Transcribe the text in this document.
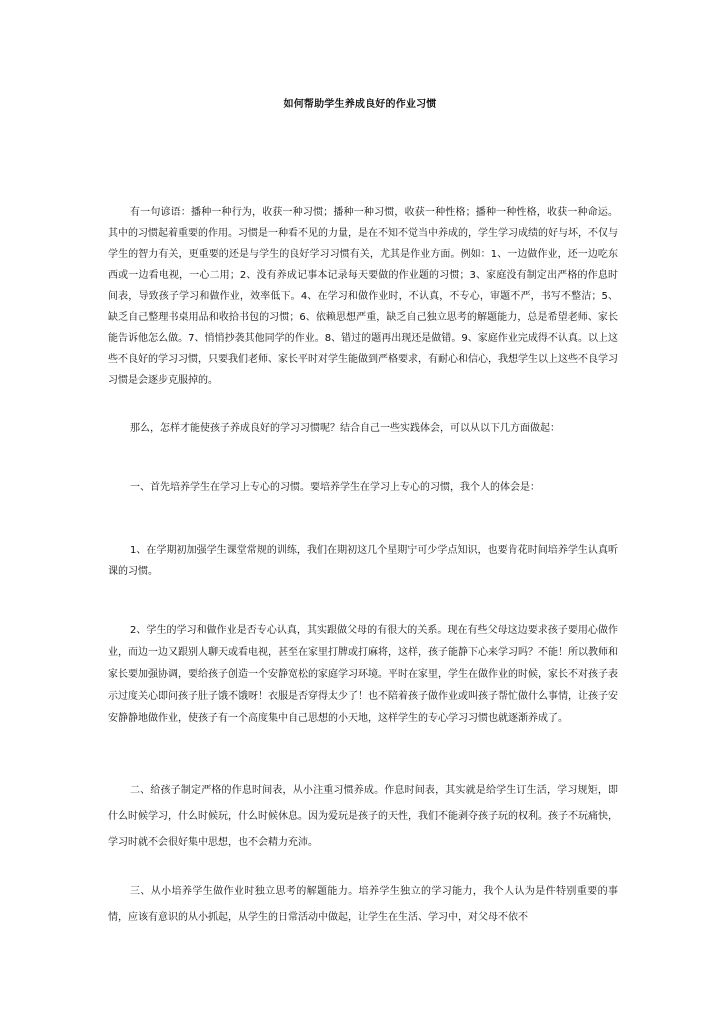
如何帮助学生养成良好的作业习惯

有一句谚语：播种一种行为，收获一种习惯；播种一种习惯，收获一种性格；播种一种性格，收获一种命运。其中的习惯起着重要的作用。习惯是一种看不见的力量，是在不知不觉当中养成的，学生学习成绩的好与坏，不仅与学生的智力有关，更重要的还是与学生的良好学习习惯有关，尤其是作业方面。例如：1、一边做作业，还一边吃东西或一边看电视，一心二用；2、没有养成记事本记录每天要做的作业题的习惯；3、家庭没有制定出严格的作息时间表，导致孩子学习和做作业，效率低下。4、在学习和做作业时，不认真，不专心，审题不严，书写不整洁；5、缺乏自己整理书桌用品和收拾书包的习惯；6、依赖思想严重，缺乏自己独立思考的解题能力，总是希望老师、家长能告诉他怎么做。7、悄悄抄袭其他同学的作业。8、错过的题再出现还是做错。9、家庭作业完成得不认真。以上这些不良好的学习习惯，只要我们老师、家长平时对学生能做到严格要求，有耐心和信心，我想学生以上这些不良学习习惯是会逐步克服掉的。

那么，怎样才能使孩子养成良好的学习习惯呢？结合自己一些实践体会，可以从以下几方面做起：

一、首先培养学生在学习上专心的习惯。要培养学生在学习上专心的习惯，我个人的体会是：

1、在学期初加强学生课堂常规的训练，我们在期初这几个星期宁可少学点知识，也要肯花时间培养学生认真听课的习惯。

2、学生的学习和做作业是否专心认真，其实跟做父母的有很大的关系。现在有些父母这边要求孩子要用心做作业，而边一边又跟别人聊天或看电视，甚至在家里打牌或打麻将，这样，孩子能静下心来学习吗？不能！所以教师和家长要加强协调，要给孩子创造一个安静宽松的家庭学习环境。平时在家里，学生在做作业的时候，家长不对孩子表示过度关心即问孩子肚子饿不饿呀！衣服是否穿得太少了！也不陪着孩子做作业或叫孩子帮忙做什么事情，让孩子安安静静地做作业，使孩子有一个高度集中自己思想的小天地，这样学生的专心学习习惯也就逐渐养成了。

二、给孩子制定严格的作息时间表，从小注重习惯养成。作息时间表，其实就是给学生订生活，学习规矩，即什么时候学习，什么时候玩，什么时候休息。因为爱玩是孩子的天性，我们不能剥夺孩子玩的权利。孩子不玩痛快，学习时就不会很好集中思想，也不会精力充沛。

三、从小培养学生做作业时独立思考的解题能力。培养学生独立的学习能力，我个人认为是件特别重要的事情，应该有意识的从小抓起，从学生的日常活动中做起，让学生在生活、学习中，对父母不依不
